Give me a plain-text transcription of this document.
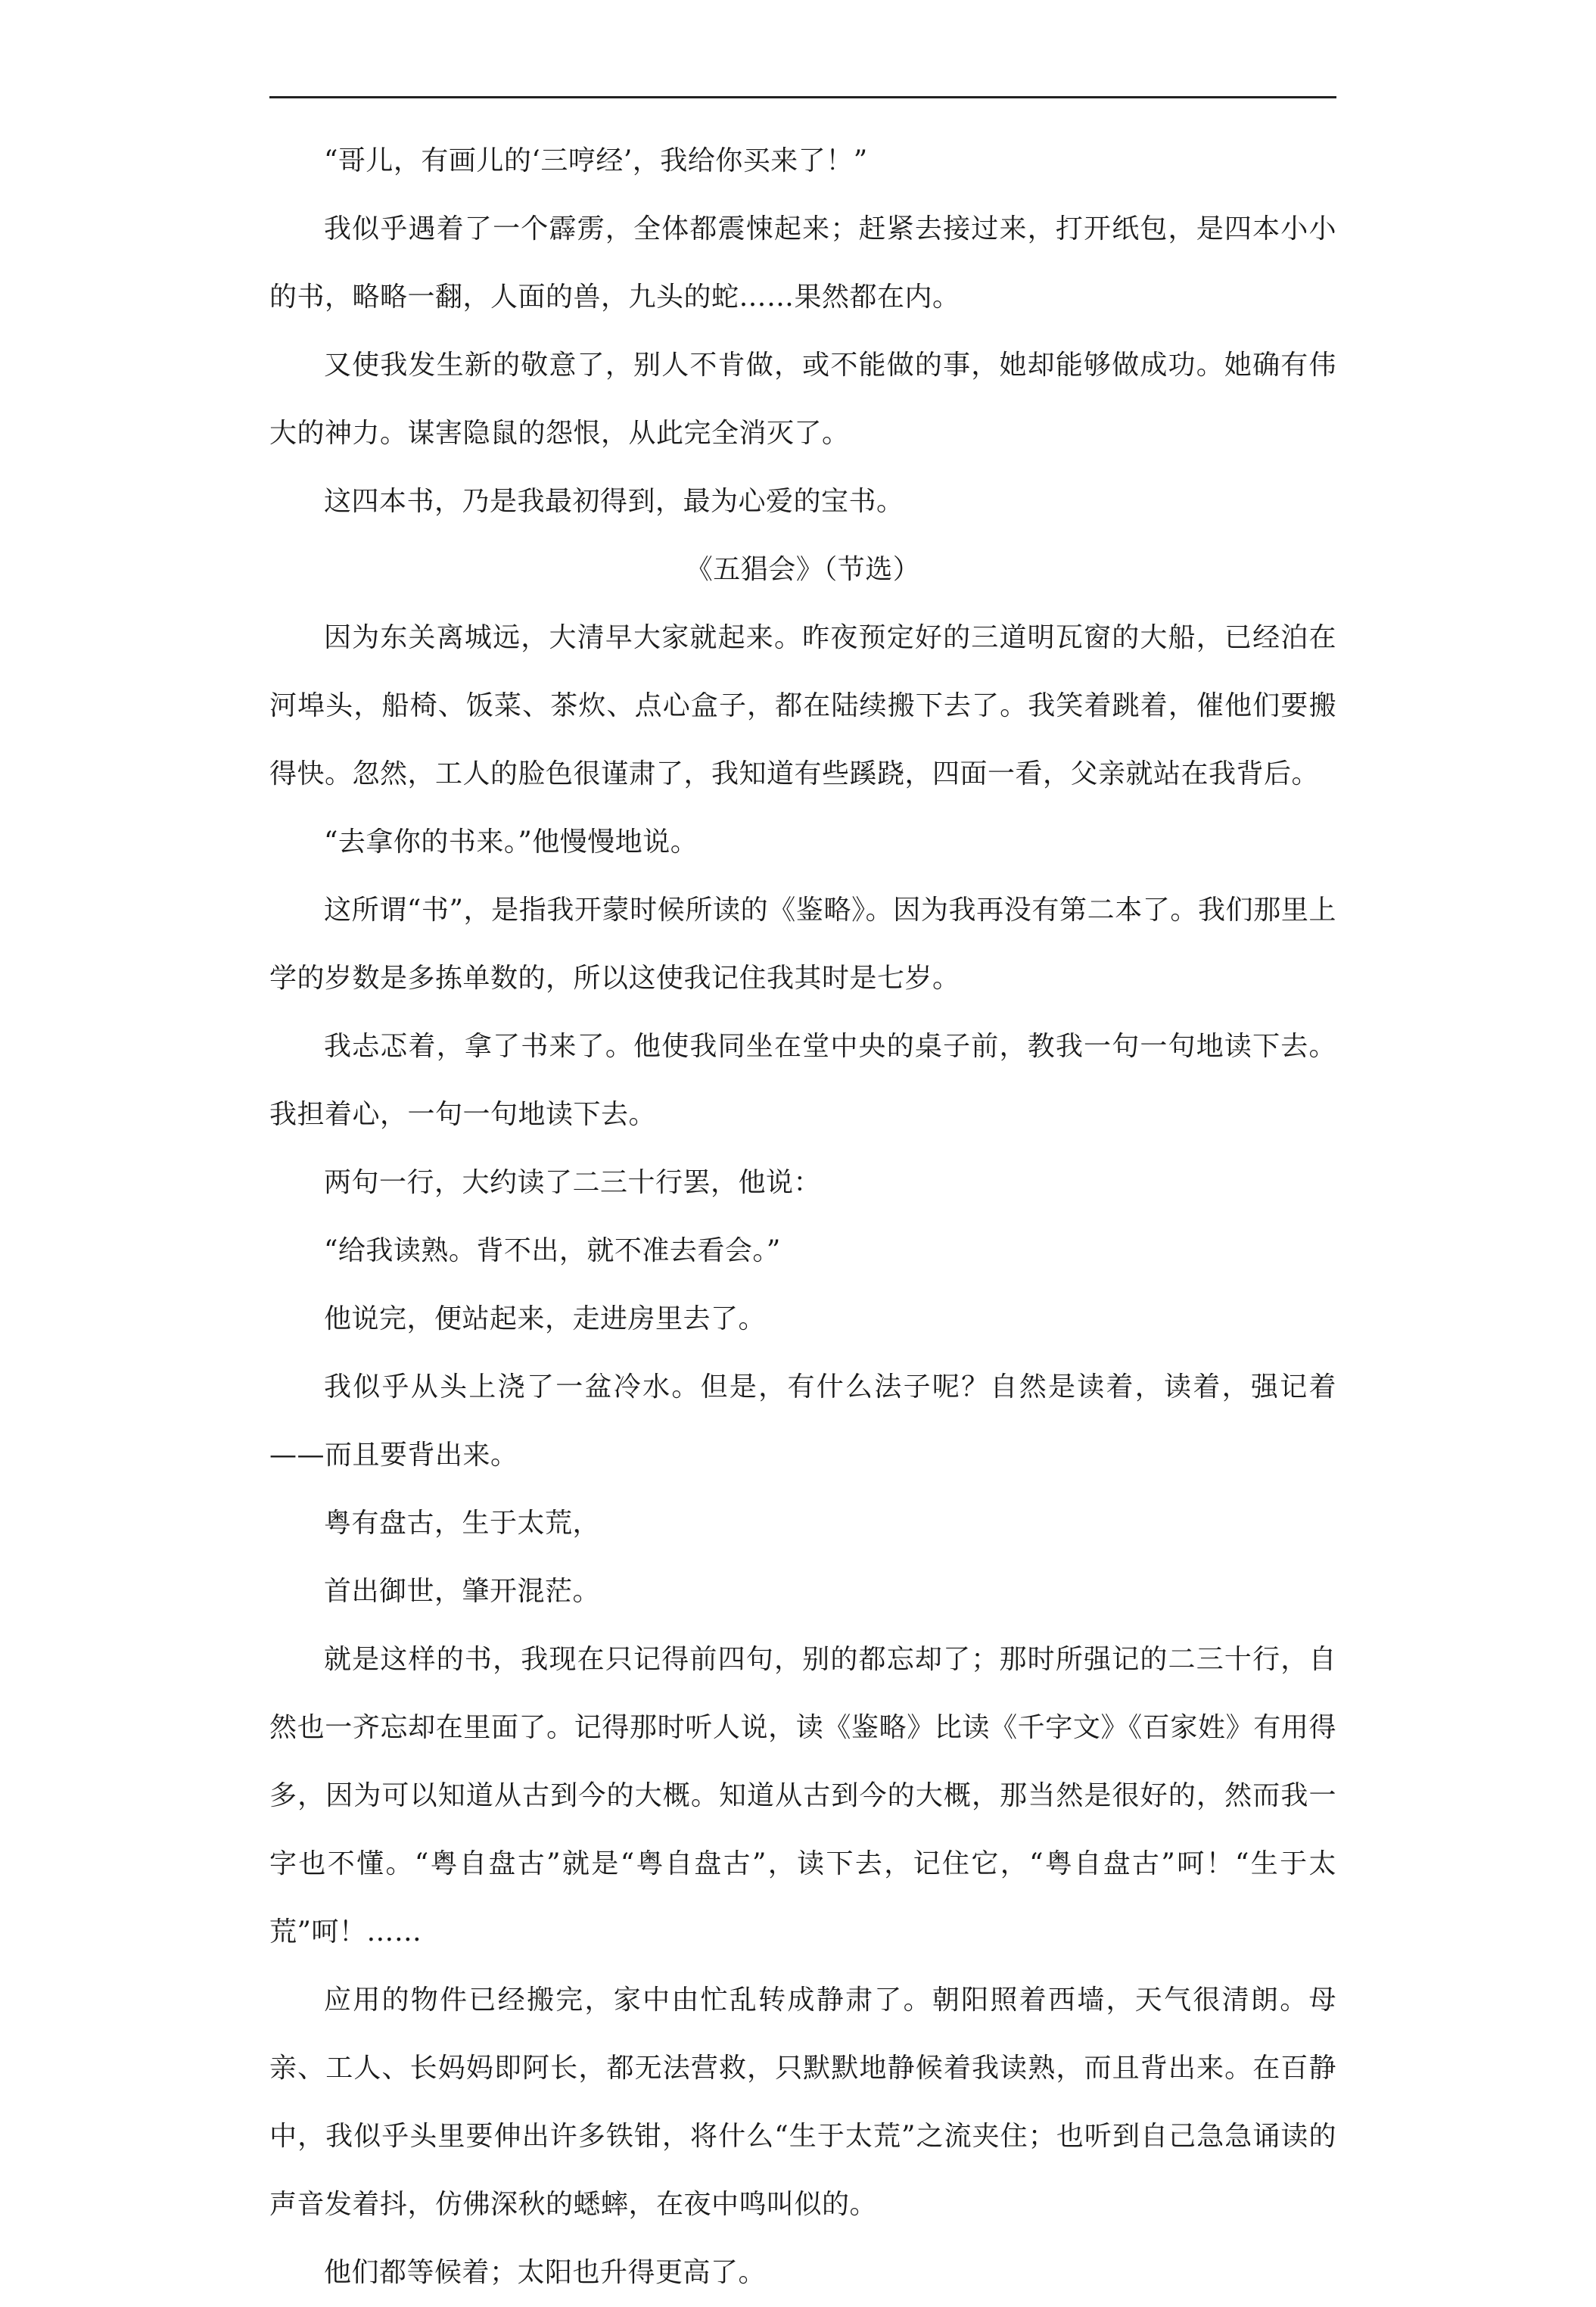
“哥儿，有画儿的‘三哼经’，我给你买来了！”

我似乎遇着了一个霹雳，全体都震悚起来；赶紧去接过来，打开纸包，是四本小小的书，略略一翻，人面的兽，九头的蛇……果然都在内。

又使我发生新的敬意了，别人不肯做，或不能做的事，她却能够做成功。她确有伟大的神力。谋害隐鼠的怨恨，从此完全消灭了。

这四本书，乃是我最初得到，最为心爱的宝书。

《五猖会》（节选）

因为东关离城远，大清早大家就起来。昨夜预定好的三道明瓦窗的大船，已经泊在河埠头，船椅、饭菜、茶炊、点心盒子，都在陆续搬下去了。我笑着跳着，催他们要搬得快。忽然，工人的脸色很谨肃了，我知道有些蹊跷，四面一看，父亲就站在我背后。

“去拿你的书来。”他慢慢地说。

这所谓“书”，是指我开蒙时候所读的《鉴略》。因为我再没有第二本了。我们那里上学的岁数是多拣单数的，所以这使我记住我其时是七岁。

我忐忑着，拿了书来了。他使我同坐在堂中央的桌子前，教我一句一句地读下去。我担着心，一句一句地读下去。

两句一行，大约读了二三十行罢，他说：

“给我读熟。背不出，就不准去看会。”

他说完，便站起来，走进房里去了。

我似乎从头上浇了一盆冷水。但是，有什么法子呢？自然是读着，读着，强记着——而且要背出来。

粤有盘古，生于太荒，

首出御世，肇开混茫。

就是这样的书，我现在只记得前四句，别的都忘却了；那时所强记的二三十行，自然也一齐忘却在里面了。记得那时听人说，读《鉴略》比读《千字文》《百家姓》有用得多，因为可以知道从古到今的大概。知道从古到今的大概，那当然是很好的，然而我一字也不懂。“粤自盘古”就是“粤自盘古”，读下去，记住它，“粤自盘古”呵！“生于太荒”呵！……

应用的物件已经搬完，家中由忙乱转成静肃了。朝阳照着西墙，天气很清朗。母亲、工人、长妈妈即阿长，都无法营救，只默默地静候着我读熟，而且背出来。在百静中，我似乎头里要伸出许多铁钳，将什么“生于太荒”之流夹住；也听到自己急急诵读的声音发着抖，仿佛深秋的蟋蟀，在夜中鸣叫似的。

他们都等候着；太阳也升得更高了。
